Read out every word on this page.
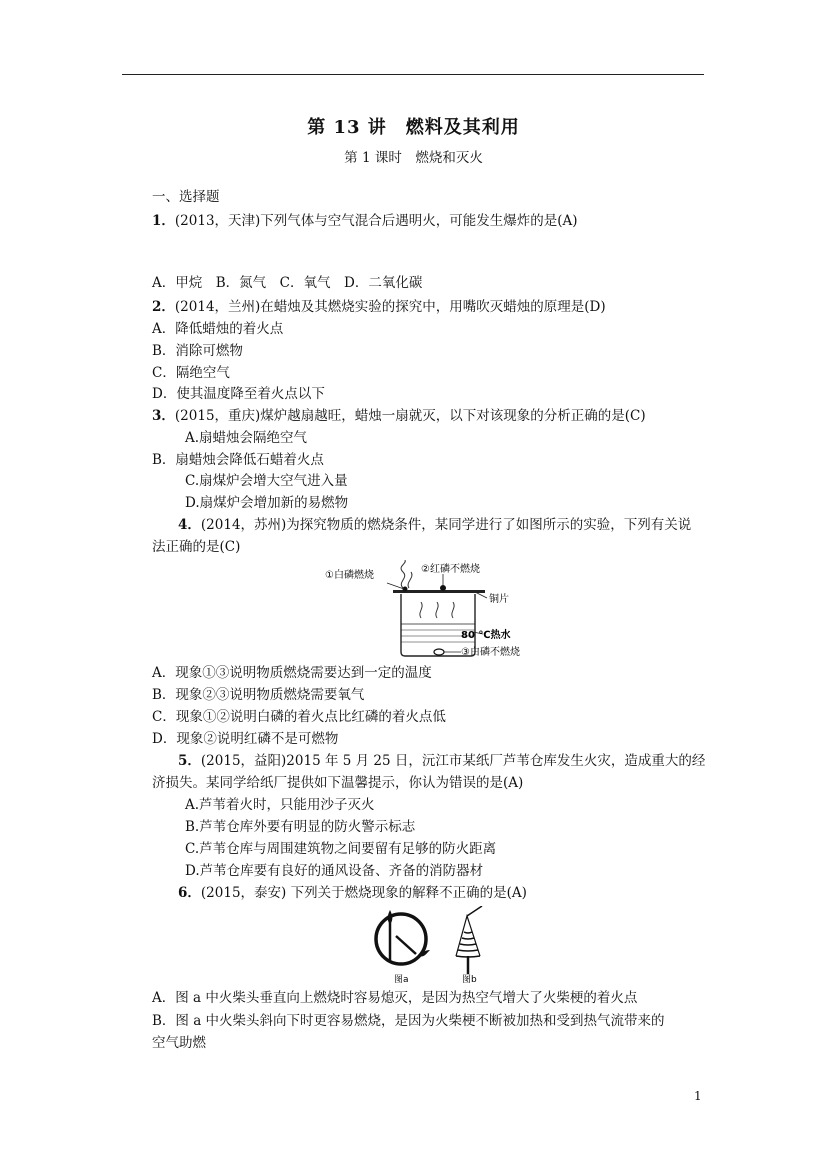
第 13 讲　燃料及其利用
第 1 课时　燃烧和灭火
一、选择题
1．(2013，天津)下列气体与空气混合后遇明火，可能发生爆炸的是(A)
A．甲烷　B．氮气　C．氧气　D．二氧化碳
2．(2014，兰州)在蜡烛及其燃烧实验的探究中，用嘴吹灭蜡烛的原理是(D)
A．降低蜡烛的着火点
B．消除可燃物
C．隔绝空气
D．使其温度降至着火点以下
3．(2015，重庆)煤炉越扇越旺，蜡烛一扇就灭，以下对该现象的分析正确的是(C)
A.扇蜡烛会隔绝空气
B．扇蜡烛会降低石蜡着火点
C.扇煤炉会增大空气进入量
D.扇煤炉会增加新的易燃物
4．(2014，苏州)为探究物质的燃烧条件，某同学进行了如图所示的实验，下列有关说
法正确的是(C)
①白磷燃烧
②红磷不燃烧
铜片
80 ℃热水
③白磷不燃烧
A．现象①③说明物质燃烧需要达到一定的温度
B．现象②③说明物质燃烧需要氧气
C．现象①②说明白磷的着火点比红磷的着火点低
D．现象②说明红磷不是可燃物
5．(2015，益阳)2015 年 5 月 25 日，沅江市某纸厂芦苇仓库发生火灾，造成重大的经
济损失。某同学给纸厂提供如下温馨提示，你认为错误的是(A)
A.芦苇着火时，只能用沙子灭火
B.芦苇仓库外要有明显的防火警示标志
C.芦苇仓库与周围建筑物之间要留有足够的防火距离
D.芦苇仓库要有良好的通风设备、齐备的消防器材
6．(2015，泰安) 下列关于燃烧现象的解释不正确的是(A)
图a	图b
A．图 a 中火柴头垂直向上燃烧时容易熄灭，是因为热空气增大了火柴梗的着火点
B．图 a 中火柴头斜向下时更容易燃烧，是因为火柴梗不断被加热和受到热气流带来的
空气助燃
1
